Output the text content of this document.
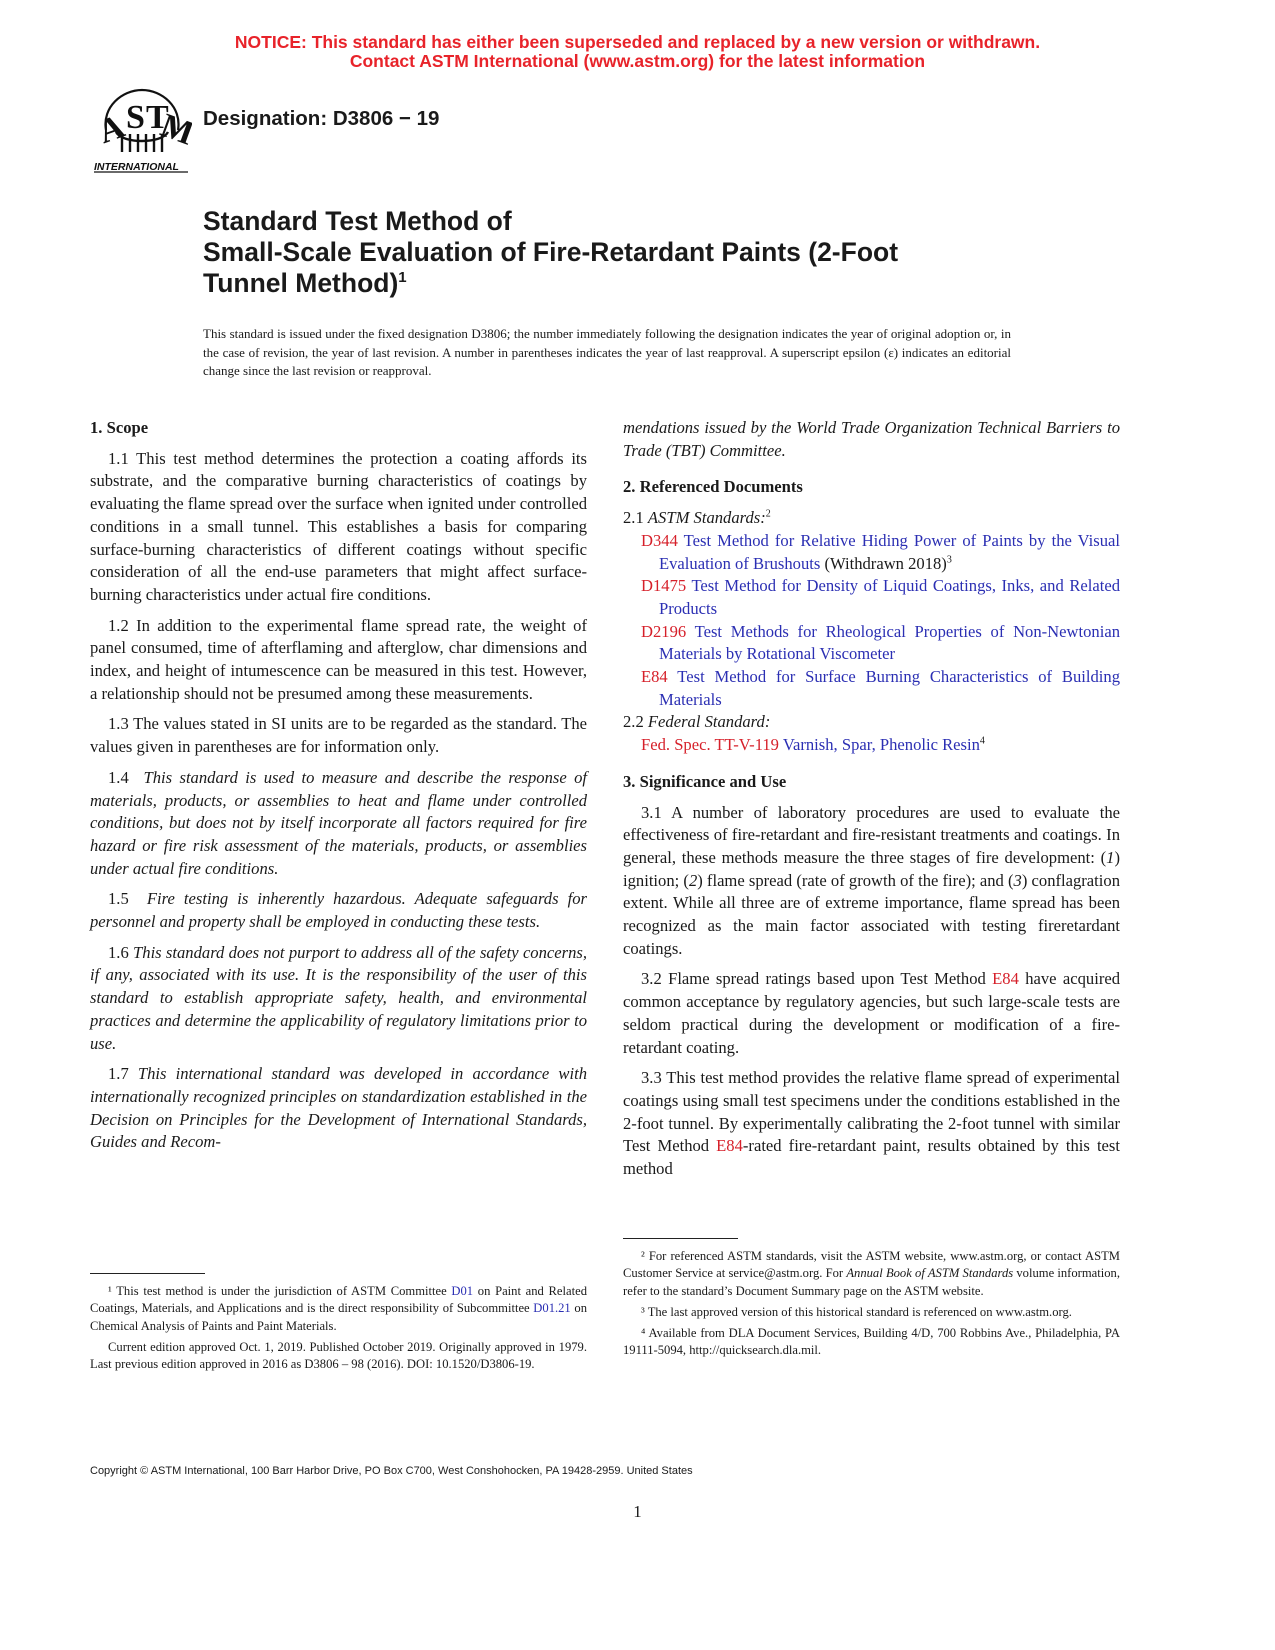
NOTICE: This standard has either been superseded and replaced by a new version or withdrawn.
Contact ASTM International (www.astm.org) for the latest information
A
S T
M
INTERNATIONAL
Designation: D3806 − 19
Standard Test Method of
Small-Scale Evaluation of Fire-Retardant Paints (2-Foot
Tunnel Method)$^1$
This standard is issued under the fixed designation D3806; the number immediately following the designation indicates the year of original adoption or, in the case of revision, the year of last revision. A number in parentheses indicates the year of last reapproval. A superscript epsilon (ε) indicates an editorial change since the last revision or reapproval.
1. Scope

1.1 This test method determines the protection a coating affords its substrate, and the comparative burning characteristics of coatings by evaluating the flame spread over the surface when ignited under controlled conditions in a small tunnel. This establishes a basis for comparing surface-burning characteristics of different coatings without specific consideration of all the end-use parameters that might affect surface-burning characteristics under actual fire conditions.

1.2 In addition to the experimental flame spread rate, the weight of panel consumed, time of afterflaming and afterglow, char dimensions and index, and height of intumescence can be measured in this test. However, a relationship should not be presumed among these measurements.

1.3 The values stated in SI units are to be regarded as the standard. The values given in parentheses are for information only.

1.4 This standard is used to measure and describe the response of materials, products, or assemblies to heat and flame under controlled conditions, but does not by itself incorporate all factors required for fire hazard or fire risk assessment of the materials, products, or assemblies under actual fire conditions.

1.5 Fire testing is inherently hazardous. Adequate safeguards for personnel and property shall be employed in conducting these tests.

1.6 This standard does not purport to address all of the safety concerns, if any, associated with its use. It is the responsibility of the user of this standard to establish appropriate safety, health, and environmental practices and determine the applicability of regulatory limitations prior to use.

1.7 This international standard was developed in accordance with internationally recognized principles on standardization established in the Decision on Principles for the Development of International Standards, Guides and Recom-

¹ This test method is under the jurisdiction of ASTM Committee D01 on Paint and Related Coatings, Materials, and Applications and is the direct responsibility of Subcommittee D01.21 on Chemical Analysis of Paints and Paint Materials.

Current edition approved Oct. 1, 2019. Published October 2019. Originally approved in 1979. Last previous edition approved in 2016 as D3806 – 98 (2016). DOI: 10.1520/D3806-19.

mendations issued by the World Trade Organization Technical Barriers to Trade (TBT) Committee.

2. Referenced Documents

2.1 ASTM Standards:$^2$

D344 Test Method for Relative Hiding Power of Paints by the Visual Evaluation of Brushouts (Withdrawn 2018)$^3$

D1475 Test Method for Density of Liquid Coatings, Inks, and Related Products

D2196 Test Methods for Rheological Properties of Non-Newtonian Materials by Rotational Viscometer

E84 Test Method for Surface Burning Characteristics of Building Materials

2.2 Federal Standard:

Fed. Spec. TT-V-119 Varnish, Spar, Phenolic Resin$^4$

3. Significance and Use

3.1 A number of laboratory procedures are used to evaluate the effectiveness of fire-retardant and fire-resistant treatments and coatings. In general, these methods measure the three stages of fire development: (1) ignition; (2) flame spread (rate of growth of the fire); and (3) conflagration extent. While all three are of extreme importance, flame spread has been recognized as the main factor associated with testing fireretardant coatings.

3.2 Flame spread ratings based upon Test Method E84 have acquired common acceptance by regulatory agencies, but such large-scale tests are seldom practical during the development or modification of a fire-retardant coating.

3.3 This test method provides the relative flame spread of experimental coatings using small test specimens under the conditions established in the 2-foot tunnel. By experimentally calibrating the 2-foot tunnel with similar Test Method E84-rated fire-retardant paint, results obtained by this test method

² For referenced ASTM standards, visit the ASTM website, www.astm.org, or contact ASTM Customer Service at service@astm.org. For Annual Book of ASTM Standards volume information, refer to the standard’s Document Summary page on the ASTM website.

³ The last approved version of this historical standard is referenced on www.astm.org.

⁴ Available from DLA Document Services, Building 4/D, 700 Robbins Ave., Philadelphia, PA 19111-5094, http://quicksearch.dla.mil.

Copyright © ASTM International, 100 Barr Harbor Drive, PO Box C700, West Conshohocken, PA 19428-2959. United States
1
